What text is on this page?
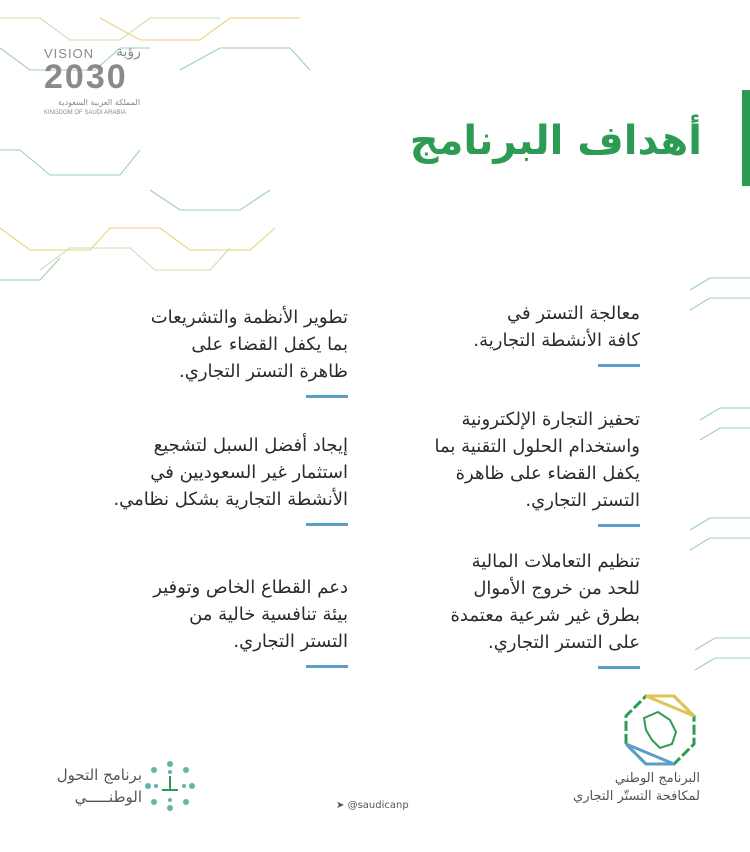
VISION رؤية
2030
المملكة العربية السعودية
KINGDOM OF SAUDI ARABIA
أهداف البرنامج
معالجة التستر في
كافة الأنشطة التجارية.
تطوير الأنظمة والتشريعات
بما يكفل القضاء على
ظاهرة التستر التجاري.
تحفيز التجارة الإلكترونية
واستخدام الحلول التقنية بما
يكفل القضاء على ظاهرة
التستر التجاري.
إيجاد أفضل السبل لتشجيع
استثمار غير السعوديين في
الأنشطة التجارية بشكل نظامي.
تنظيم التعاملات المالية
للحد من خروج الأموال
بطرق غير شرعية معتمدة
على التستر التجاري.
دعم القطاع الخاص وتوفير
بيئة تنافسية خالية من
التستر التجاري.
البرنامج الوطني
لمكافحة التستّر التجاري
➤ @saudicanp
برنامج التحول
الوطنـــــي
